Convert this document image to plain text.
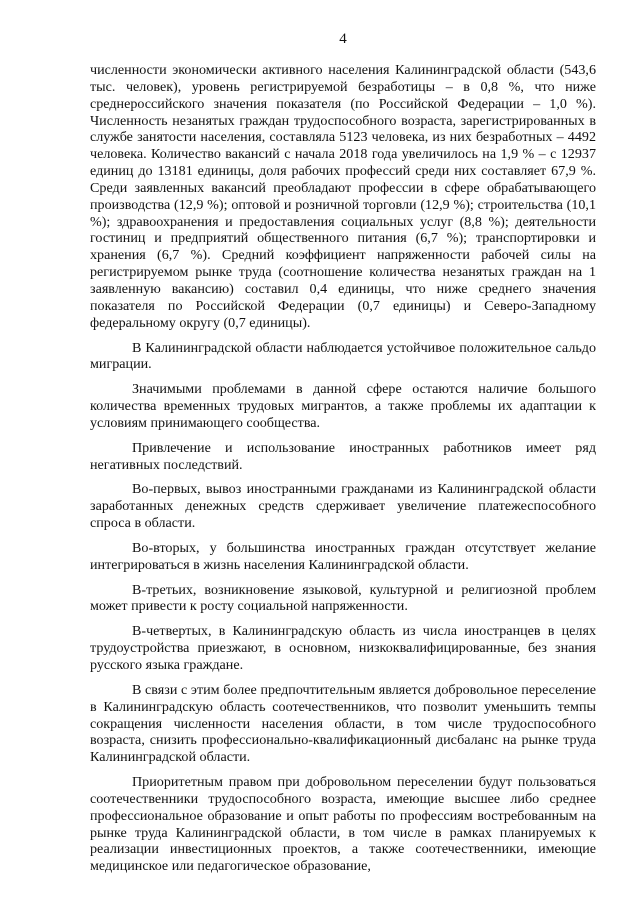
4

численности экономически активного населения Калининградской области (543,6 тыс. человек), уровень регистрируемой безработицы – в 0,8 %, что ниже среднероссийского значения показателя (по Российской Федерации – 1,0 %). Численность незанятых граждан трудоспособного возраста, зарегистрированных в службе занятости населения, составляла 5123 человека, из них безработных – 4492 человека. Количество вакансий с начала 2018 года увеличилось на 1,9 % – с 12937 единиц до 13181 единицы, доля рабочих профессий среди них составляет 67,9 %. Среди заявленных вакансий преобладают профессии в сфере обрабатывающего производства (12,9 %); оптовой и розничной торговли (12,9 %); строительства (10,1 %); здравоохранения и предоставления социальных услуг (8,8 %); деятельности гостиниц и предприятий общественного питания (6,7 %); транспортировки и хранения (6,7 %). Средний коэффициент напряженности рабочей силы на регистрируемом рынке труда (соотношение количества незанятых граждан на 1 заявленную вакансию) составил 0,4 единицы, что ниже среднего значения показателя по Российской Федерации (0,7 единицы) и Северо-Западному федеральному округу (0,7 единицы).

В Калининградской области наблюдается устойчивое положительное сальдо миграции.

Значимыми проблемами в данной сфере остаются наличие большого количества временных трудовых мигрантов, а также проблемы их адаптации к условиям принимающего сообщества.

Привлечение и использование иностранных работников имеет ряд негативных последствий.

Во-первых, вывоз иностранными гражданами из Калининградской области заработанных денежных средств сдерживает увеличение платежеспособного спроса в области.

Во-вторых, у большинства иностранных граждан отсутствует желание интегрироваться в жизнь населения Калининградской области.

В-третьих, возникновение языковой, культурной и религиозной проблем может привести к росту социальной напряженности.

В-четвертых, в Калининградскую область из числа иностранцев в целях трудоустройства приезжают, в основном, низкоквалифицированные, без знания русского языка граждане.

В связи с этим более предпочтительным является добровольное переселение в Калининградскую область соотечественников, что позволит уменьшить темпы сокращения численности населения области, в том числе трудоспособного возраста, снизить профессионально-квалификационный дисбаланс на рынке труда Калининградской области.

Приоритетным правом при добровольном переселении будут пользоваться соотечественники трудоспособного возраста, имеющие высшее либо среднее профессиональное образование и опыт работы по профессиям востребованным на рынке труда Калининградской области, в том числе в рамках планируемых к реализации инвестиционных проектов, а также соотечественники, имеющие медицинское или педагогическое образование,
